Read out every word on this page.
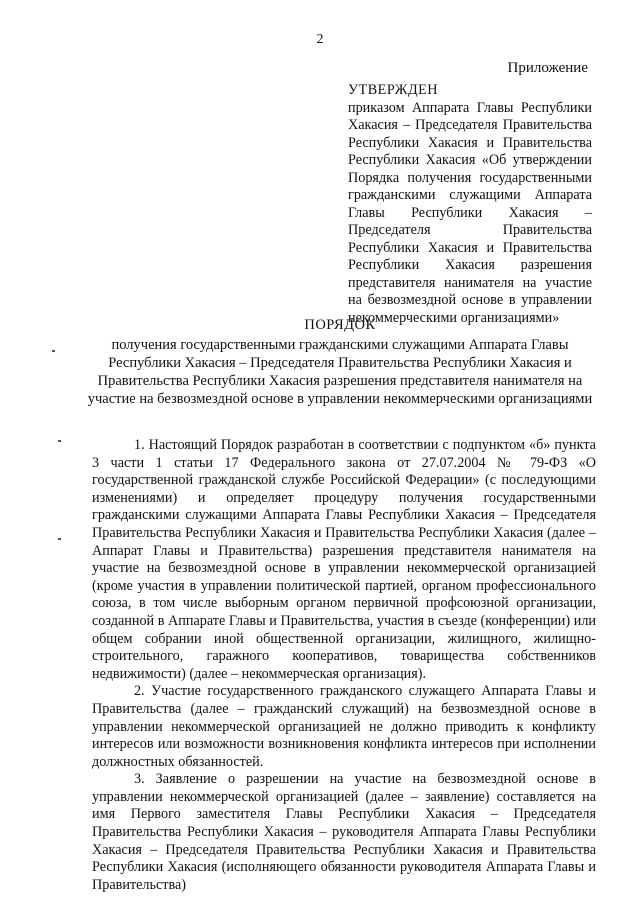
2
Приложение

УТВЕРЖДЕН

приказом Аппарата Главы Республики Хакасия – Председателя Правительства Республики Хакасия и Правительства Республики Хакасия «Об утверждении Порядка получения государственными гражданскими служащими Аппарата Главы Республики Хакасия – Председателя Правительства Республики Хакасия и Правительства Республики Хакасия разрешения представителя нанимателя на участие на безвозмездной основе в управлении некоммерческими организациями»

ПОРЯДОК

получения государственными гражданскими служащими Аппарата Главы Республики Хакасия – Председателя Правительства Республики Хакасия и Правительства Республики Хакасия разрешения представителя нанимателя на участие на безвозмездной основе в управлении некоммерческими организациями

1. Настоящий Порядок разработан в соответствии с подпунктом «б» пункта 3 части 1 статьи 17 Федерального закона от 27.07.2004 № 79-ФЗ «О государственной гражданской службе Российской Федерации» (с последующими изменениями) и определяет процедуру получения государственными гражданскими служащими Аппарата Главы Республики Хакасия – Председателя Правительства Республики Хакасия и Правительства Республики Хакасия (далее – Аппарат Главы и Правительства) разрешения представителя нанимателя на участие на безвозмездной основе в управлении некоммерческой организацией (кроме участия в управлении политической партией, органом профессионального союза, в том числе выборным органом первичной профсоюзной организации, созданной в Аппарате Главы и Правительства, участия в съезде (конференции) или общем собрании иной общественной организации, жилищного, жилищно-строительного, гаражного кооперативов, товарищества собственников недвижимости) (далее – некоммерческая организация).

2. Участие государственного гражданского служащего Аппарата Главы и Правительства (далее – гражданский служащий) на безвозмездной основе в управлении некоммерческой организацией не должно приводить к конфликту интересов или возможности возникновения конфликта интересов при исполнении должностных обязанностей.

3. Заявление о разрешении на участие на безвозмездной основе в управлении некоммерческой организацией (далее – заявление) составляется на имя Первого заместителя Главы Республики Хакасия – Председателя Правительства Республики Хакасия – руководителя Аппарата Главы Республики Хакасия – Председателя Правительства Республики Хакасия и Правительства Республики Хакасия (исполняющего обязанности руководителя Аппарата Главы и Правительства)
